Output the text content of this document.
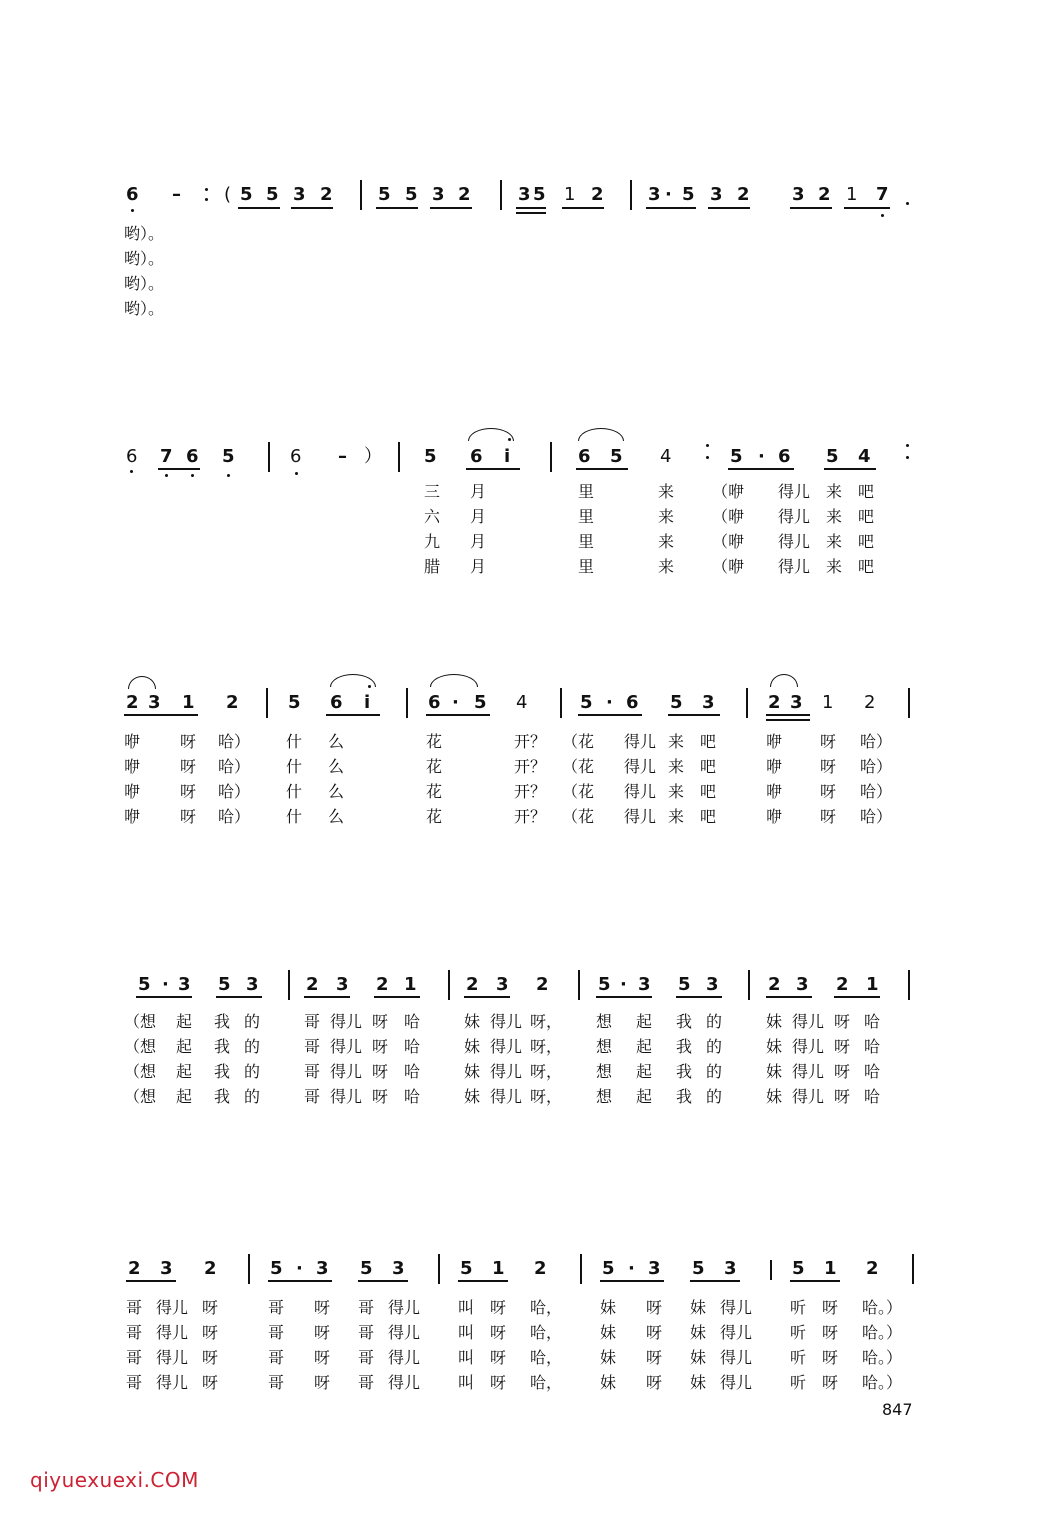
6 – ( 5 5 3 2	5 5 3 2	3 5 1 2 3 · 5 3 2 3 2 1 7
哟）。
哟）。
哟）。
哟）。
6 7 6 5	6 – ） 5 6 i	6 5 4	5 · 6 5 4
三 月	里	来 （咿 得儿 来 吧
六 月	里	来 （咿 得儿 来 吧
九 月	里	来 （咿 得儿 来 吧
腊 月	里	来 （咿 得儿 来 吧
2 3 1 2	5 6 i	6 · 5 4	5 · 6 5 3	2 3 1 2
咿 呀 哈） 什 么	花	开？ （花 得儿 来 吧	咿 呀 哈）
咿 呀 哈） 什 么	花	开？ （花 得儿 来 吧	咿 呀 哈）
咿 呀 哈） 什 么	花	开？ （花 得儿 来 吧	咿 呀 哈）
咿 呀 哈） 什 么	花	开？ （花 得儿 来 吧	咿 呀 哈）
5 · 3 5 3	2 3 2 1	2 3 2	5 · 3 5 3	2 3 2 1
（想 起 我 的	哥 得儿 呀 哈	妹 得儿 呀， 想 起 我 的	妹 得儿 呀 哈
（想 起 我 的	哥 得儿 呀 哈	妹 得儿 呀， 想 起 我 的	妹 得儿 呀 哈
（想 起 我 的	哥 得儿 呀 哈	妹 得儿 呀， 想 起 我 的	妹 得儿 呀 哈
（想 起 我 的	哥 得儿 呀 哈	妹 得儿 呀， 想 起 我 的	妹 得儿 呀 哈
2 3 2	5 · 3 5 3	5 1 2	5 · 3 5 3	5 1 2
哥 得儿 呀	哥 呀 哥 得儿 叫 呀 哈， 妹 呀 妹 得儿 听 呀 哈。）
哥 得儿 呀	哥 呀 哥 得儿 叫 呀 哈， 妹 呀 妹 得儿 听 呀 哈。）
哥 得儿 呀	哥 呀 哥 得儿 叫 呀 哈， 妹 呀 妹 得儿 听 呀 哈。）
哥 得儿 呀	哥 呀 哥 得儿 叫 呀 哈， 妹 呀 妹 得儿 听 呀 哈。）
847
qiyuexuexi.COM
